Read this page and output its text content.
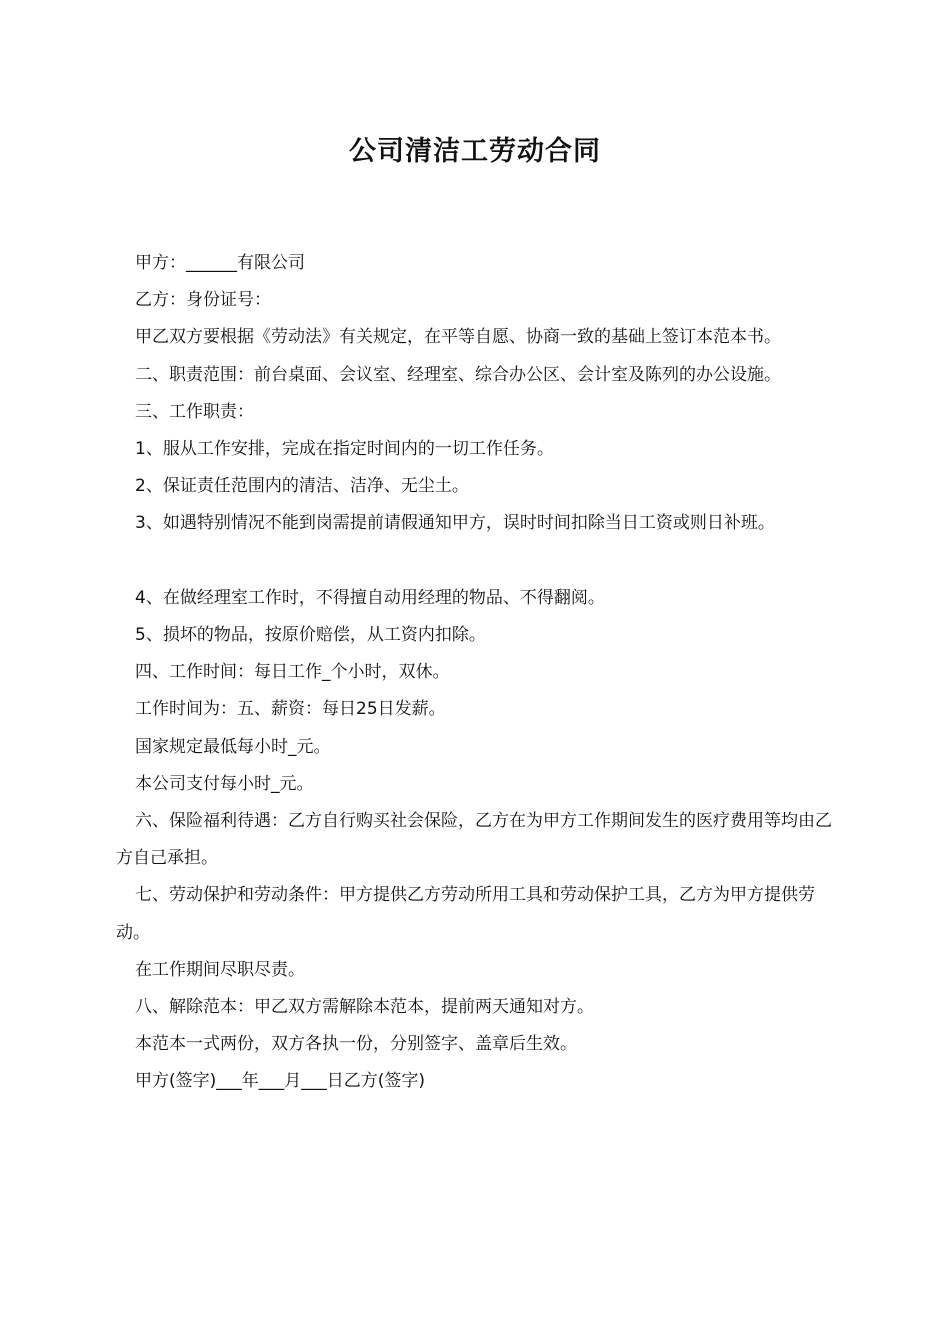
公司清洁工劳动合同

甲方：______有限公司

乙方：身份证号：

甲乙双方要根据《劳动法》有关规定，在平等自愿、协商一致的基础上签订本范本书。

二、职责范围：前台桌面、会议室、经理室、综合办公区、会计室及陈列的办公设施。

三、工作职责：

1、服从工作安排，完成在指定时间内的一切工作任务。

2、保证责任范围内的清洁、洁净、无尘土。

3、如遇特别情况不能到岗需提前请假通知甲方，误时时间扣除当日工资或则日补班。

4、在做经理室工作时，不得擅自动用经理的物品、不得翻阅。

5、损坏的物品，按原价赔偿，从工资内扣除。

四、工作时间：每日工作_个小时，双休。

工作时间为：五、薪资：每日25日发薪。

国家规定最低每小时_元。

本公司支付每小时_元。

六、保险福利待遇：乙方自行购买社会保险，乙方在为甲方工作期间发生的医疗费用等均由乙方自己承担。

七、劳动保护和劳动条件：甲方提供乙方劳动所用工具和劳动保护工具，乙方为甲方提供劳动。

在工作期间尽职尽责。

八、解除范本：甲乙双方需解除本范本，提前两天通知对方。

本范本一式两份，双方各执一份，分别签字、盖章后生效。

甲方(签字)___年___月___日乙方(签字)
